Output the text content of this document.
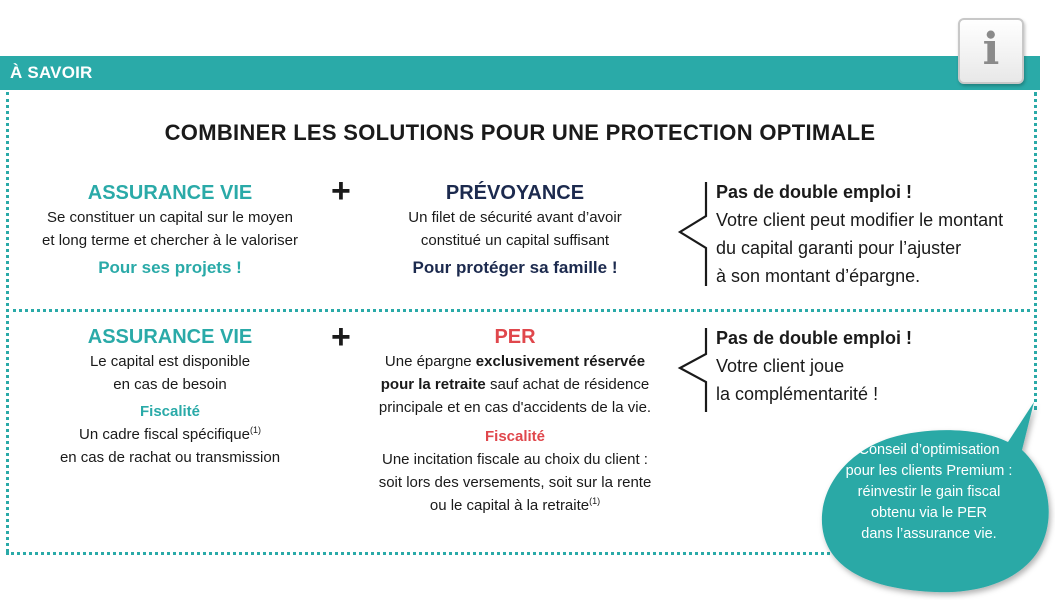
À SAVOIR	i
COMBINER LES SOLUTIONS POUR UNE PROTECTION OPTIMALE
ASSURANCE VIE
Se constituer un capital sur le moyen
et long terme et chercher à le valoriser
Pour ses projets !
+	PRÉVOYANCE
Un filet de sécurité avant d’avoir
constitué un capital suffisant
Pour protéger sa famille !
Pas de double emploi !
Votre client peut modifier le montant
du capital garanti pour l’ajuster
à son montant d’épargne.
ASSURANCE VIE
Le capital est disponible
en cas de besoin
Fiscalité
Un cadre fiscal spécifique$^{(1)}$
en cas de rachat ou transmission
+	PER
Une épargne exclusivement réservée
pour la retraite sauf achat de résidence
principale et en cas d'accidents de la vie.
Fiscalité
Une incitation fiscale au choix du client :
soit lors des versements, soit sur la rente
ou le capital à la retraite$^{(1)}$
Pas de double emploi !
Votre client joue
la complémentarité !
Conseil d’optimisation
pour les clients Premium :
réinvestir le gain fiscal
obtenu via le PER
dans l’assurance vie.
